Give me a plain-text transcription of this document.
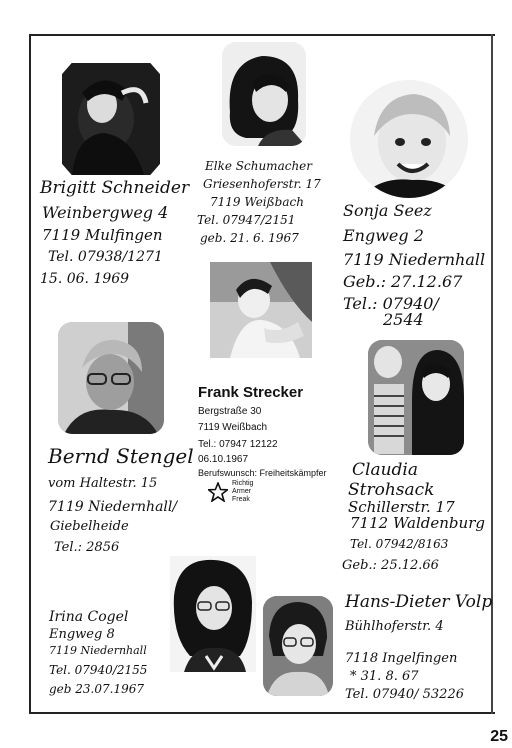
Brigitt Schneider
Weinbergweg 4
7119 Mulfingen
Tel. 07938/1271
15. 06. 1969
Elke Schumacher
Griesenhoferstr. 17
7119 Weißbach
Tel. 07947/2151
geb. 21. 6. 1967
Sonja Seez
Engweg 2
7119 Niedernhall
Geb.: 27.12.67
Tel.: 07940/
2544
Frank Strecker
Bergstraße 30
7119 Weißbach
Tel.: 07947 12122
06.10.1967
Berufswunsch: Freiheitskämpfer
Richtig
Armer
Freak
Bernd Stengel
vom Haltestr. 15
7119 Niedernhall/
Giebelheide
Tel.: 2856
Claudia
Strohsack
Schillerstr. 17
7112 Waldenburg
Tel. 07942/8163
Geb.: 25.12.66
Irina Cogel
Engweg 8
7119 Niedernhall
Tel. 07940/2155
geb 23.07.1967
Hans-Dieter Volp
Bühlhoferstr. 4
7118 Ingelfingen
* 31. 8. 67
Tel. 07940/ 53226
25
